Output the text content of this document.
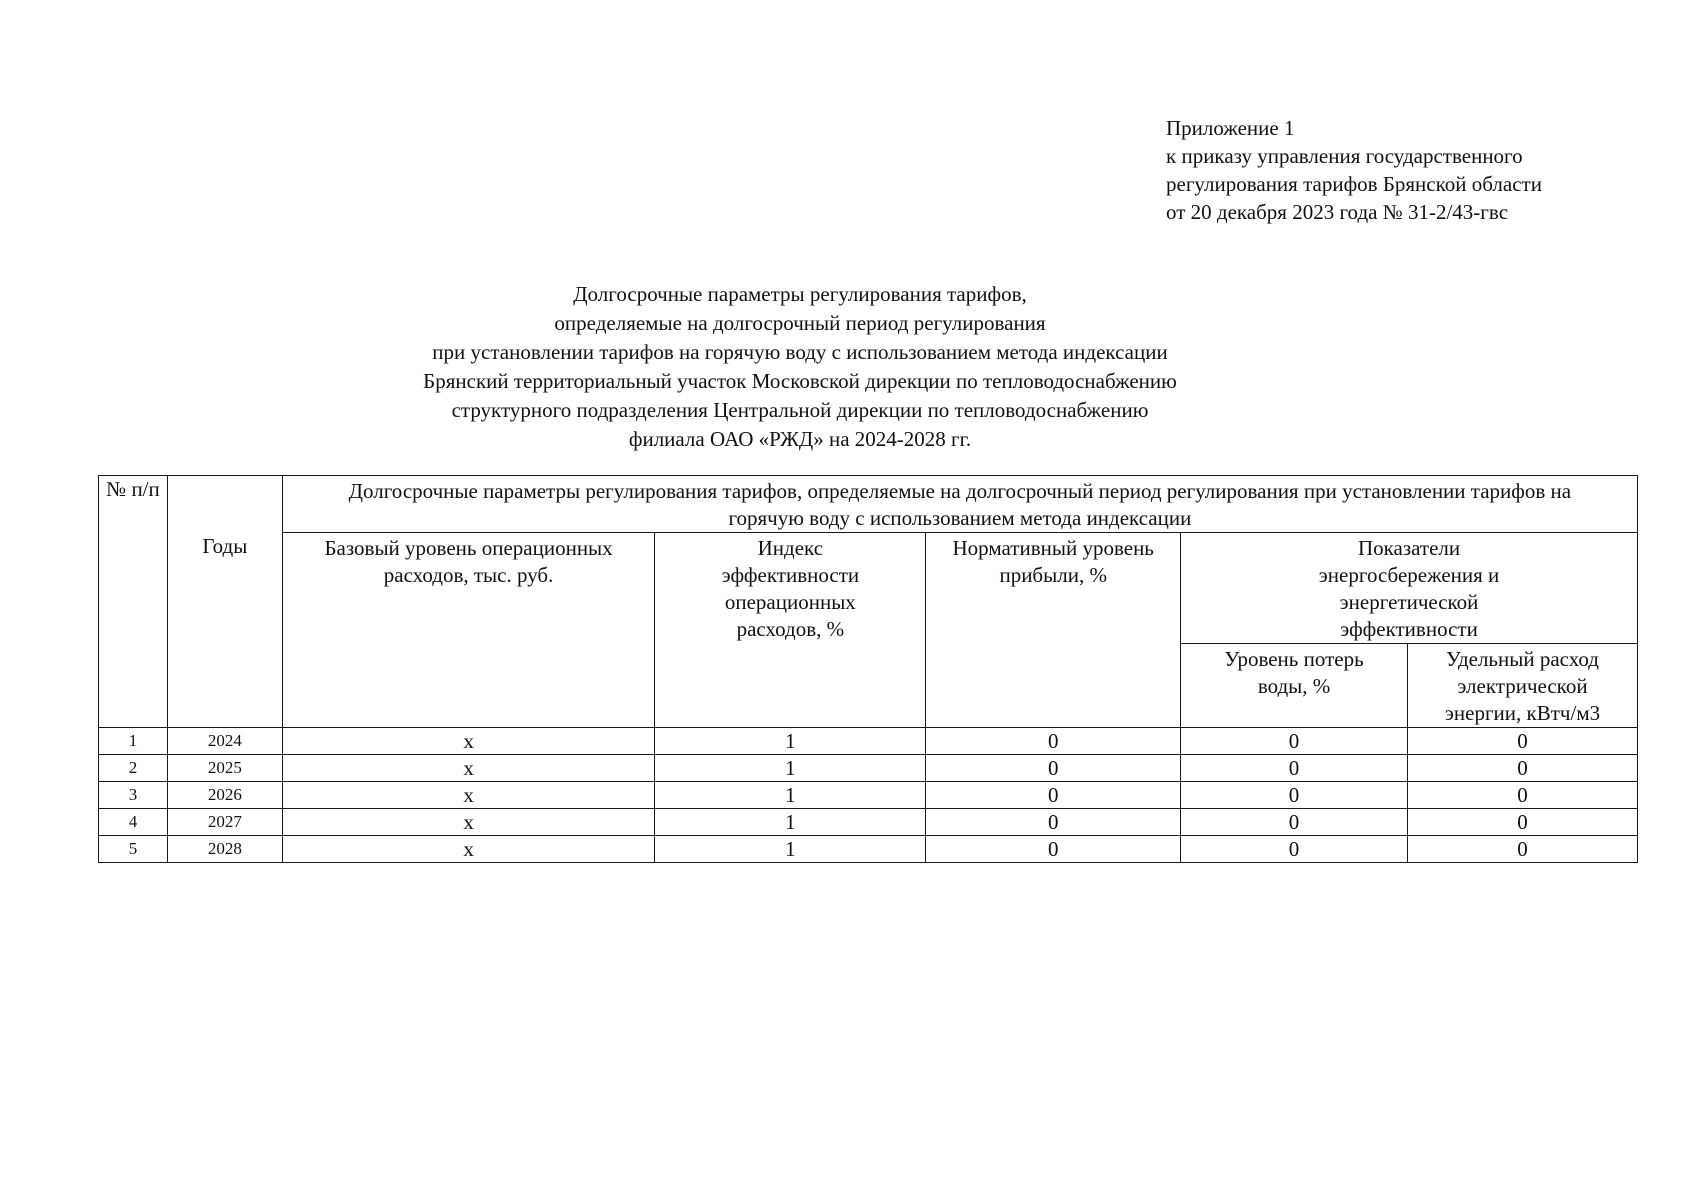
Приложение 1
к приказу управления государственного
регулирования тарифов Брянской области
от 20 декабря 2023 года № 31-2/43-гвс
Долгосрочные параметры регулирования тарифов,
определяемые на долгосрочный период регулирования
при установлении тарифов на горячую воду с использованием метода индексации
Брянский территориальный участок Московской дирекции по тепловодоснабжению
структурного подразделения Центральной дирекции по тепловодоснабжению
филиала ОАО «РЖД» на 2024-2028 гг.
№ п/п	Годы	Долгосрочные параметры регулирования тарифов, определяемые на долгосрочный период регулирования при установлении тарифов на горячую воду с использованием метода индексации				
		Базовый уровень операционных расходов, тыс. руб.	Индекс эффективности операционных расходов, %	Нормативный уровень прибыли, %	Показатели энергосбережения и энергетической эффективности	
					Уровень потерь воды, %	Удельный расход электрической энергии, кВтч/м3
1	2024	х	1	0	0	0
2	2025	х	1	0	0	0
3	2026	х	1	0	0	0
4	2027	х	1	0	0	0
5	2028	х	1	0	0	0
